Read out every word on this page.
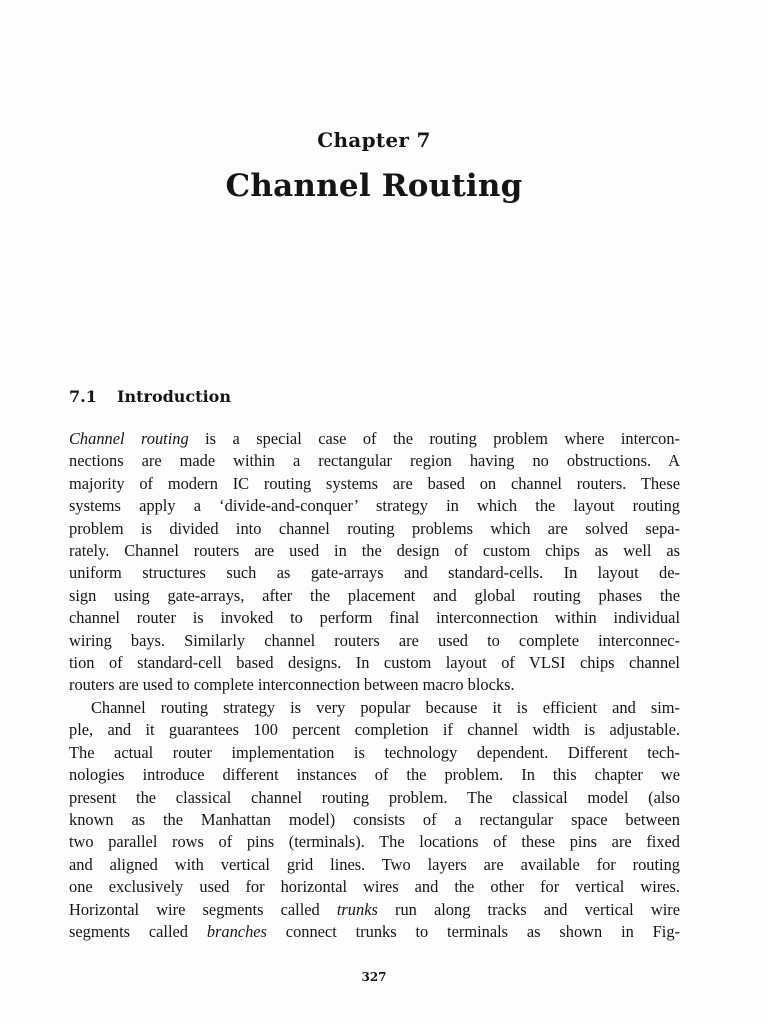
Chapter 7
Channel Routing
7.1 Introduction
Channel routing is a special case of the routing problem where intercon-
nections are made within a rectangular region having no obstructions. A
majority of modern IC routing systems are based on channel routers. These
systems apply a ‘divide-and-conquer’ strategy in which the layout routing
problem is divided into channel routing problems which are solved sepa-
rately. Channel routers are used in the design of custom chips as well as
uniform structures such as gate-arrays and standard-cells. In layout de-
sign using gate-arrays, after the placement and global routing phases the
channel router is invoked to perform final interconnection within individual
wiring bays. Similarly channel routers are used to complete interconnec-
tion of standard-cell based designs. In custom layout of VLSI chips channel
routers are used to complete interconnection between macro blocks.
Channel routing strategy is very popular because it is efficient and sim-
ple, and it guarantees 100 percent completion if channel width is adjustable.
The actual router implementation is technology dependent. Different tech-
nologies introduce different instances of the problem. In this chapter we
present the classical channel routing problem. The classical model (also
known as the Manhattan model) consists of a rectangular space between
two parallel rows of pins (terminals). The locations of these pins are fixed
and aligned with vertical grid lines. Two layers are available for routing
one exclusively used for horizontal wires and the other for vertical wires.
Horizontal wire segments called trunks run along tracks and vertical wire
segments called branches connect trunks to terminals as shown in Fig-
327
